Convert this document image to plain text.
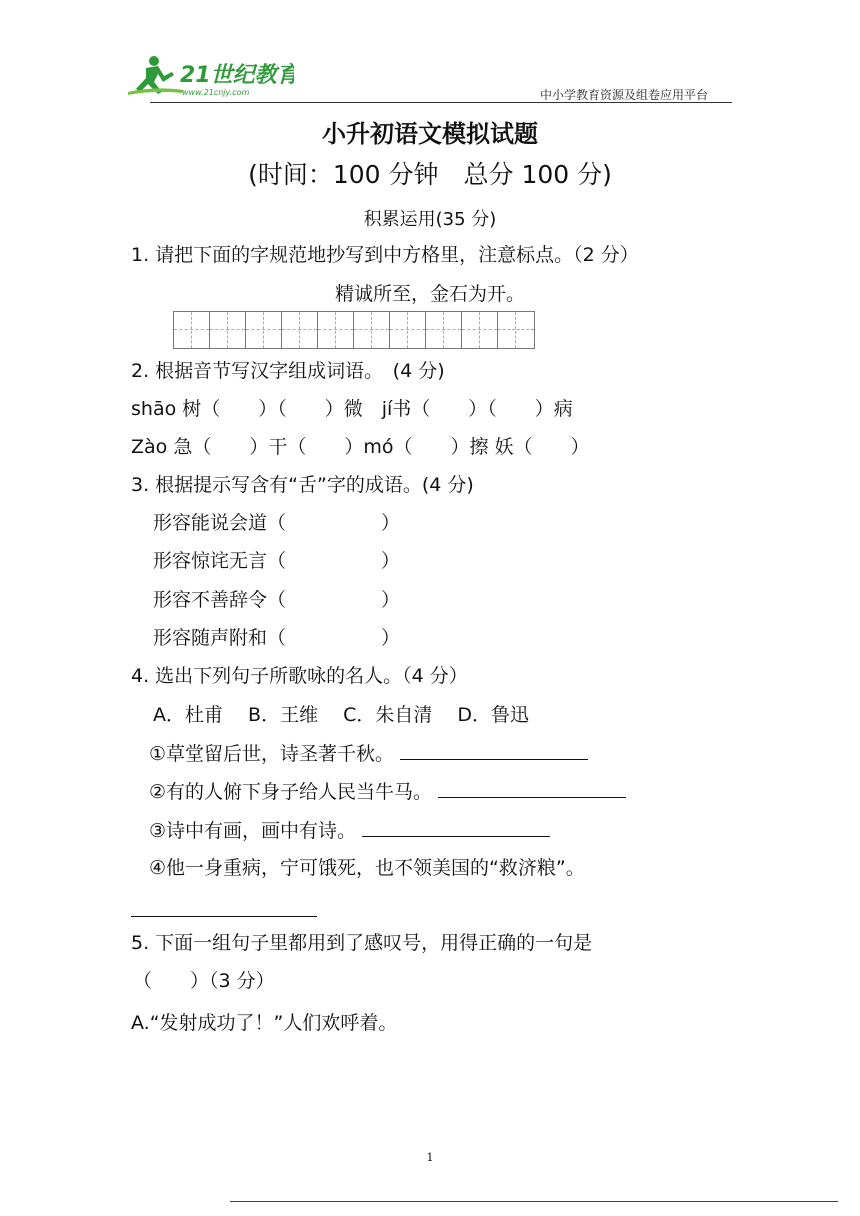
21世纪教育
www.21cnjy.com	中小学教育资源及组卷应用平台
小升初语文模拟试题
(时间：100 分钟　总分 100 分)
积累运用(35 分)
1. 请把下面的字规范地抄写到中方格里，注意标点。（2 分）
精诚所至，金石为开。
2. 根据音节写汉字组成词语。　(4 分)
shāo 树（　　）（　　）微　jí书（　　）（　　）病
Zào 急（　　）干（　　）mó（　　）擦 妖（　　）
3. 根据提示写含有“舌”字的成语。(4 分)
形容能说会道（　　　　　）
形容惊诧无言（　　　　　）
形容不善辞令（　　　　　）
形容随声附和（　　　　　）
4. 选出下列句子所歌咏的名人。（4 分）
A．杜甫　 B．王维　 C．朱自清　 D．鲁迅
①草堂留后世，诗圣著千秋。
②有的人俯下身子给人民当牛马。
③诗中有画，画中有诗。
④他一身重病，宁可饿死，也不领美国的“救济粮”。
5. 下面一组句子里都用到了感叹号，用得正确的一句是
（　　）（3 分）
A.“发射成功了！”人们欢呼着。
1
